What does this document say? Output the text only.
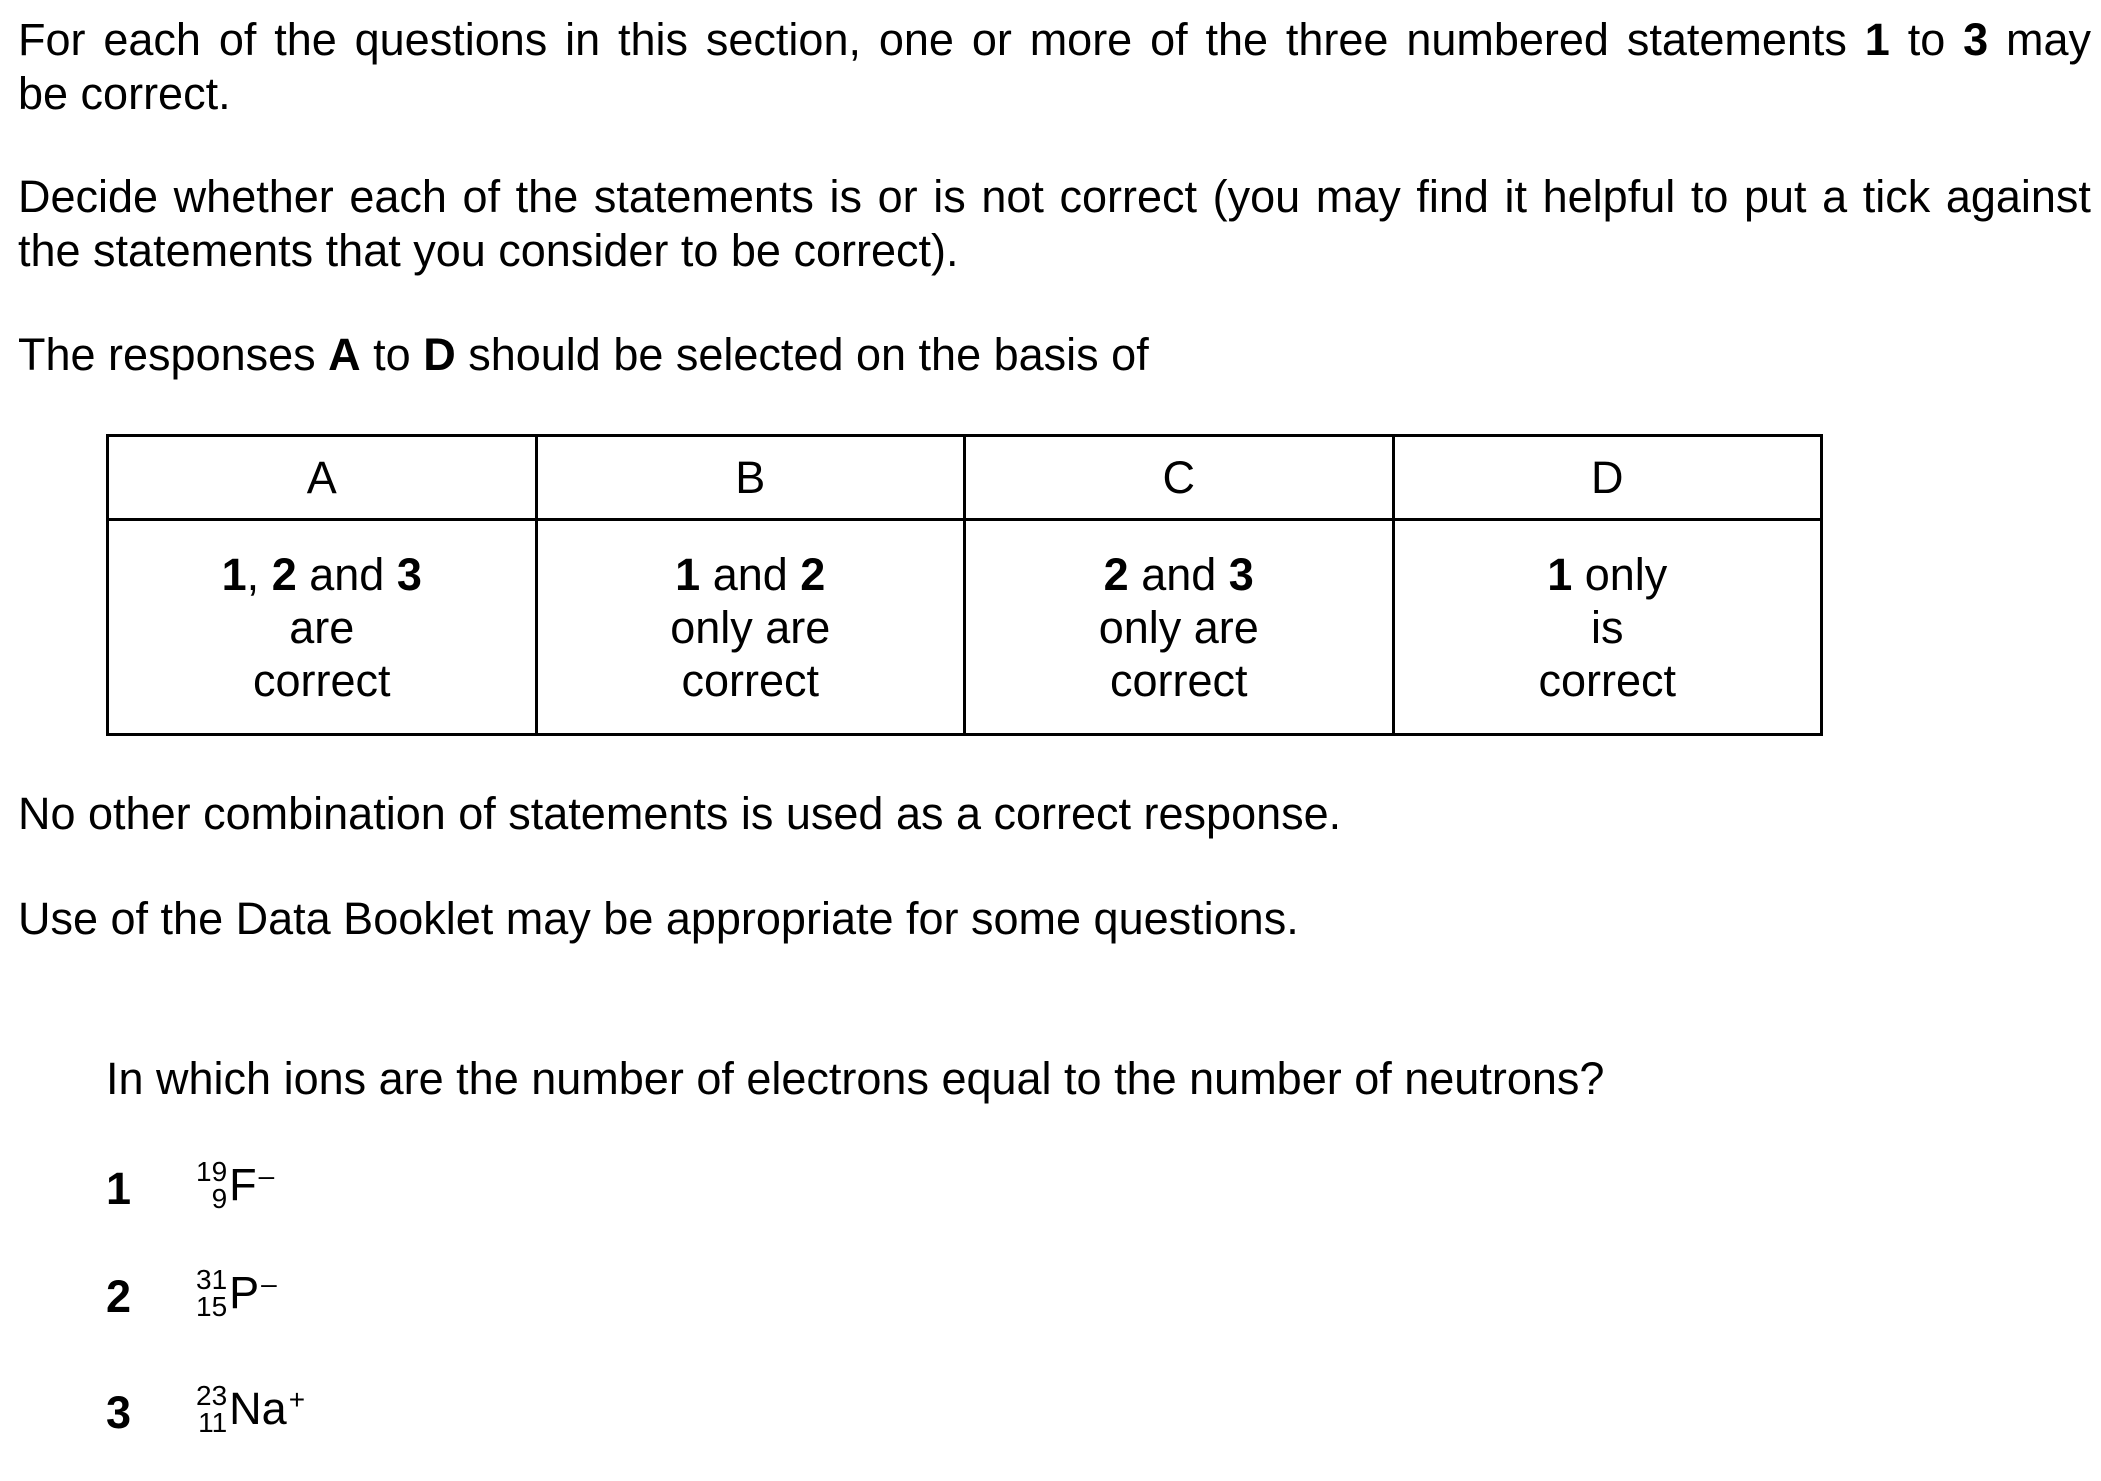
For each of the questions in this section, one or more of the three numbered statements 1 to 3 may

be correct.

Decide whether each of the statements is or is not correct (you may find it helpful to put a tick against

the statements that you consider to be correct).

The responses A to D should be selected on the basis of

A	B	C	D
1, 2 and 3
are
correct	1 and 2
only are
correct	2 and 3
only are
correct	1 only
is
correct

No other combination of statements is used as a correct response.

Use of the Data Booklet may be appropriate for some questions.

In which ions are the number of electrons equal to the number of neutrons?
1 19
9 F –
2 31
15 P –
3 23
11 Na +
